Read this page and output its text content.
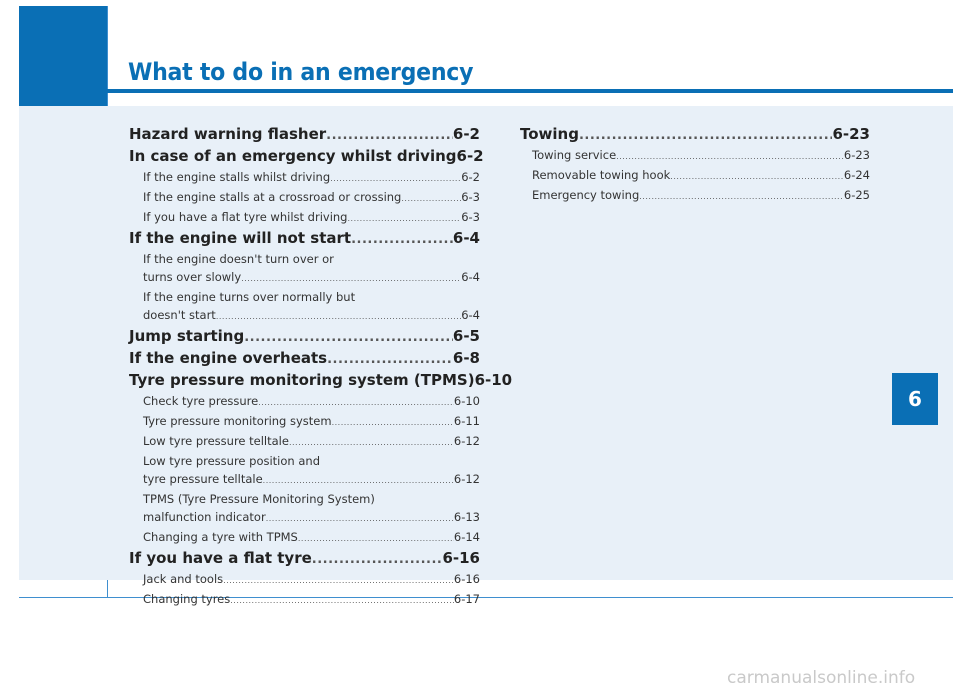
What to do in an emergency
6
Hazard warning flasher .....	6-2
In case of an emergency whilst driving 6-2
If the engine stalls whilst driving .....	6-2
If the engine stalls at a crossroad or crossing .....	6-3
If you have a flat tyre whilst driving .....	6-3
If the engine will not start .....	6-4
If the engine doesn't turn over or
turns over slowly .....	6-4
If the engine turns over normally but
doesn't start .....	6-4
Jump starting .....	6-5
If the engine overheats .....	6-8
Tyre pressure monitoring system (TPMS) 6-10
Check tyre pressure .....	6-10
Tyre pressure monitoring system .....	6-11
Low tyre pressure telltale .....	6-12
Low tyre pressure position and
tyre pressure telltale .....	6-12
TPMS (Tyre Pressure Monitoring System)
malfunction indicator .....	6-13
Changing a tyre with TPMS .....	6-14
If you have a flat tyre .....	6-16
Jack and tools .....	6-16
Changing tyres .....	6-17
Towing .....	6-23
Towing service .....	6-23
Removable towing hook .....	6-24
Emergency towing .....	6-25
carmanualsonline.info
